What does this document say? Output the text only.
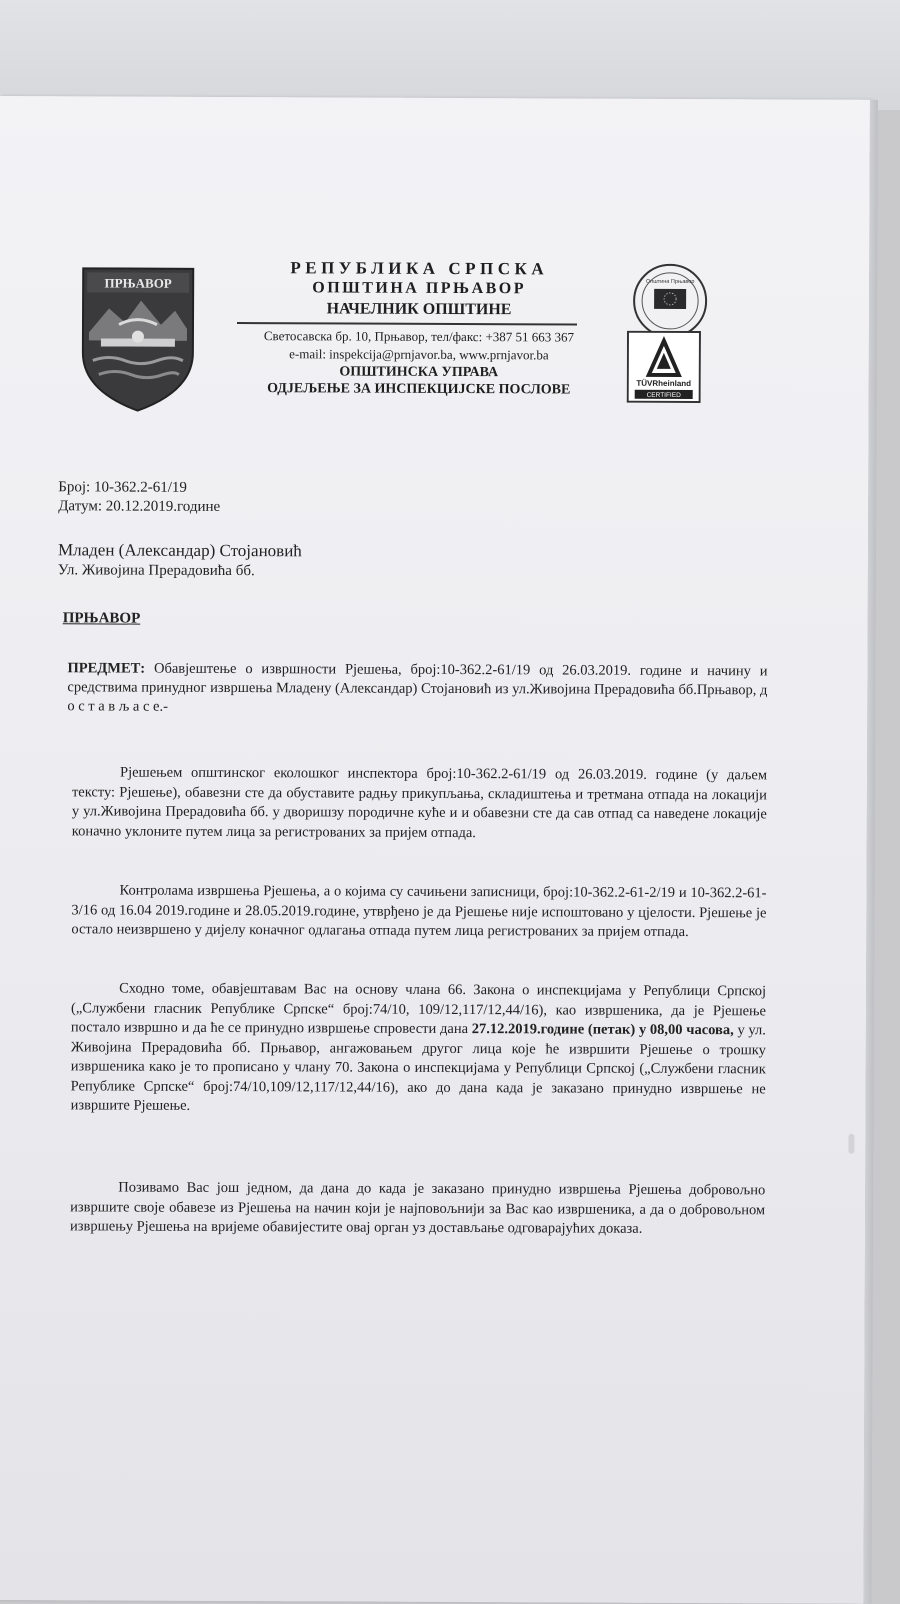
ПРЊАВОР
РЕПУБЛИКА СРПСКА
ОПШТИНА ПРЊАВОР
НАЧЕЛНИК ОПШТИНЕ
Светосавска бр. 10, Прњавор, тел/факс: +387 51 663 367
e-mail: inspekcija@prnjavor.ba, www.prnjavor.ba
ОПШТИНСКА УПРАВА
ОДЈЕЉЕЊЕ ЗА ИНСПЕКЦИЈСКЕ ПОСЛОВЕ
Општина Прњавор
TÜVRheinland
CERTIFIED
Број: 10-362.2-61/19
Датум: 20.12.2019.године
Младен (Александар) Стојановић
Ул. Живојина Прерадовића бб.
ПРЊАВОР
ПРЕДМЕТ: Обавјештење о извршности Рјешења, број:10-362.2-61/19 од 26.03.2019. године и начину и средствима принудног извршења Младену (Александар) Стојановић из ул.Живојина Прерадовића бб.Прњавор, д о с т а в љ а с е.-

Рјешењем општинског еколошког инспектора број:10-362.2-61/19 од 26.03.2019. године (у даљем тексту: Рјешење), обавезни сте да обуставите радњу прикупљања, складиштења и третмана отпада на локацији у ул.Живојина Прерадовића бб. у дворишзу породичне куће и и обавезни сте да сав отпад са наведене локације коначно уклоните путем лица за регистрованих за пријем отпада.

Контролама извршења Рјешења, а о којима су сачињени записници, број:10-362.2-61-2/19 и 10-362.2-61-3/16 од 16.04 2019.године и 28.05.2019.године, утврђено је да Рјешење није испоштовано у цјелости. Рјешење је остало неизвршено у дијелу коначног одлагања отпада путем лица регистрованих за пријем отпада.

Сходно томе, обавјештавам Вас на основу члана 66. Закона о инспекцијама у Републици Српској („Службени гласник Републике Српске“ број:74/10, 109/12,117/12,44/16), као извршеника, да је Рјешење постало извршно и да ће се принудно извршење спровести дана 27.12.2019.године (петак) у 08,00 часова, у ул. Живојина Прерадовића бб. Прњавор, ангажовањем другог лица које ће извршити Рјешење о трошку извршеника како је то прописано у члану 70. Закона о инспекцијама у Републици Српској („Службени гласник Републике Српске“ број:74/10,109/12,117/12,44/16), ако до дана када је заказано принудно извршење не извршите Рјешење.

Позивамо Вас још једном, да дана до када је заказано принудно извршења Рјешења добровољно извршите своје обавезе из Рјешења на начин који је најповољнији за Вас као извршеника, а да о добровољном извршењу Рјешења на вријеме обавијестите овај орган уз достављање одговарајућих доказа.
